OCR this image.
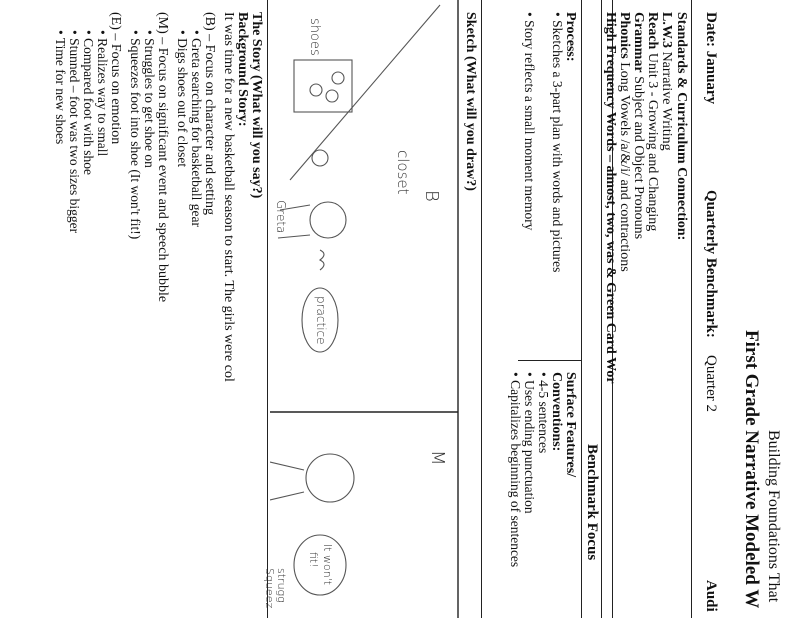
Building Foundations That
First Grade Narrative Modeled W
Date: January
Quarterly Benchmark:
Quarter 2
Audi
Standards & Curriculum Connection:
L.W.3 Narrative Writing
Reach Unit 3 - Growing and Changing
Grammar Subject and Object Pronouns
Phonics Long Vowels /a/&/i/ and contractions
High Frequency Words – almost, two, was & Green Card Wor
Benchmark Focus
Process:
• Sketches a 3-part plan with words and pictures
• Story reflects a small moment memory
Surface Features/
Conventions:
• 4-5 sentences
• Uses ending punctuation
• Capitalizes beginning of sentences
Sketch (What will you draw?)
B
M
closet
shoes
Greta
practice
It won't
fit!
strugg
Squeez
The Story (What will you say?)
Background Story:
It was time for a new basketball season to start. The girls were col
(B) – Focus on character and setting
• Greta searching for basketball gear
• Digs shoes out of closet
(M) – Focus on significant event and speech bubble
• Struggles to get shoe on
• Squeezes foot into shoe (It won't fit!)
(E) – Focus on emotion
• Realizes way to small
• Compared foot with shoe
• Stunned – foot was two sizes bigger
• Time for new shoes
